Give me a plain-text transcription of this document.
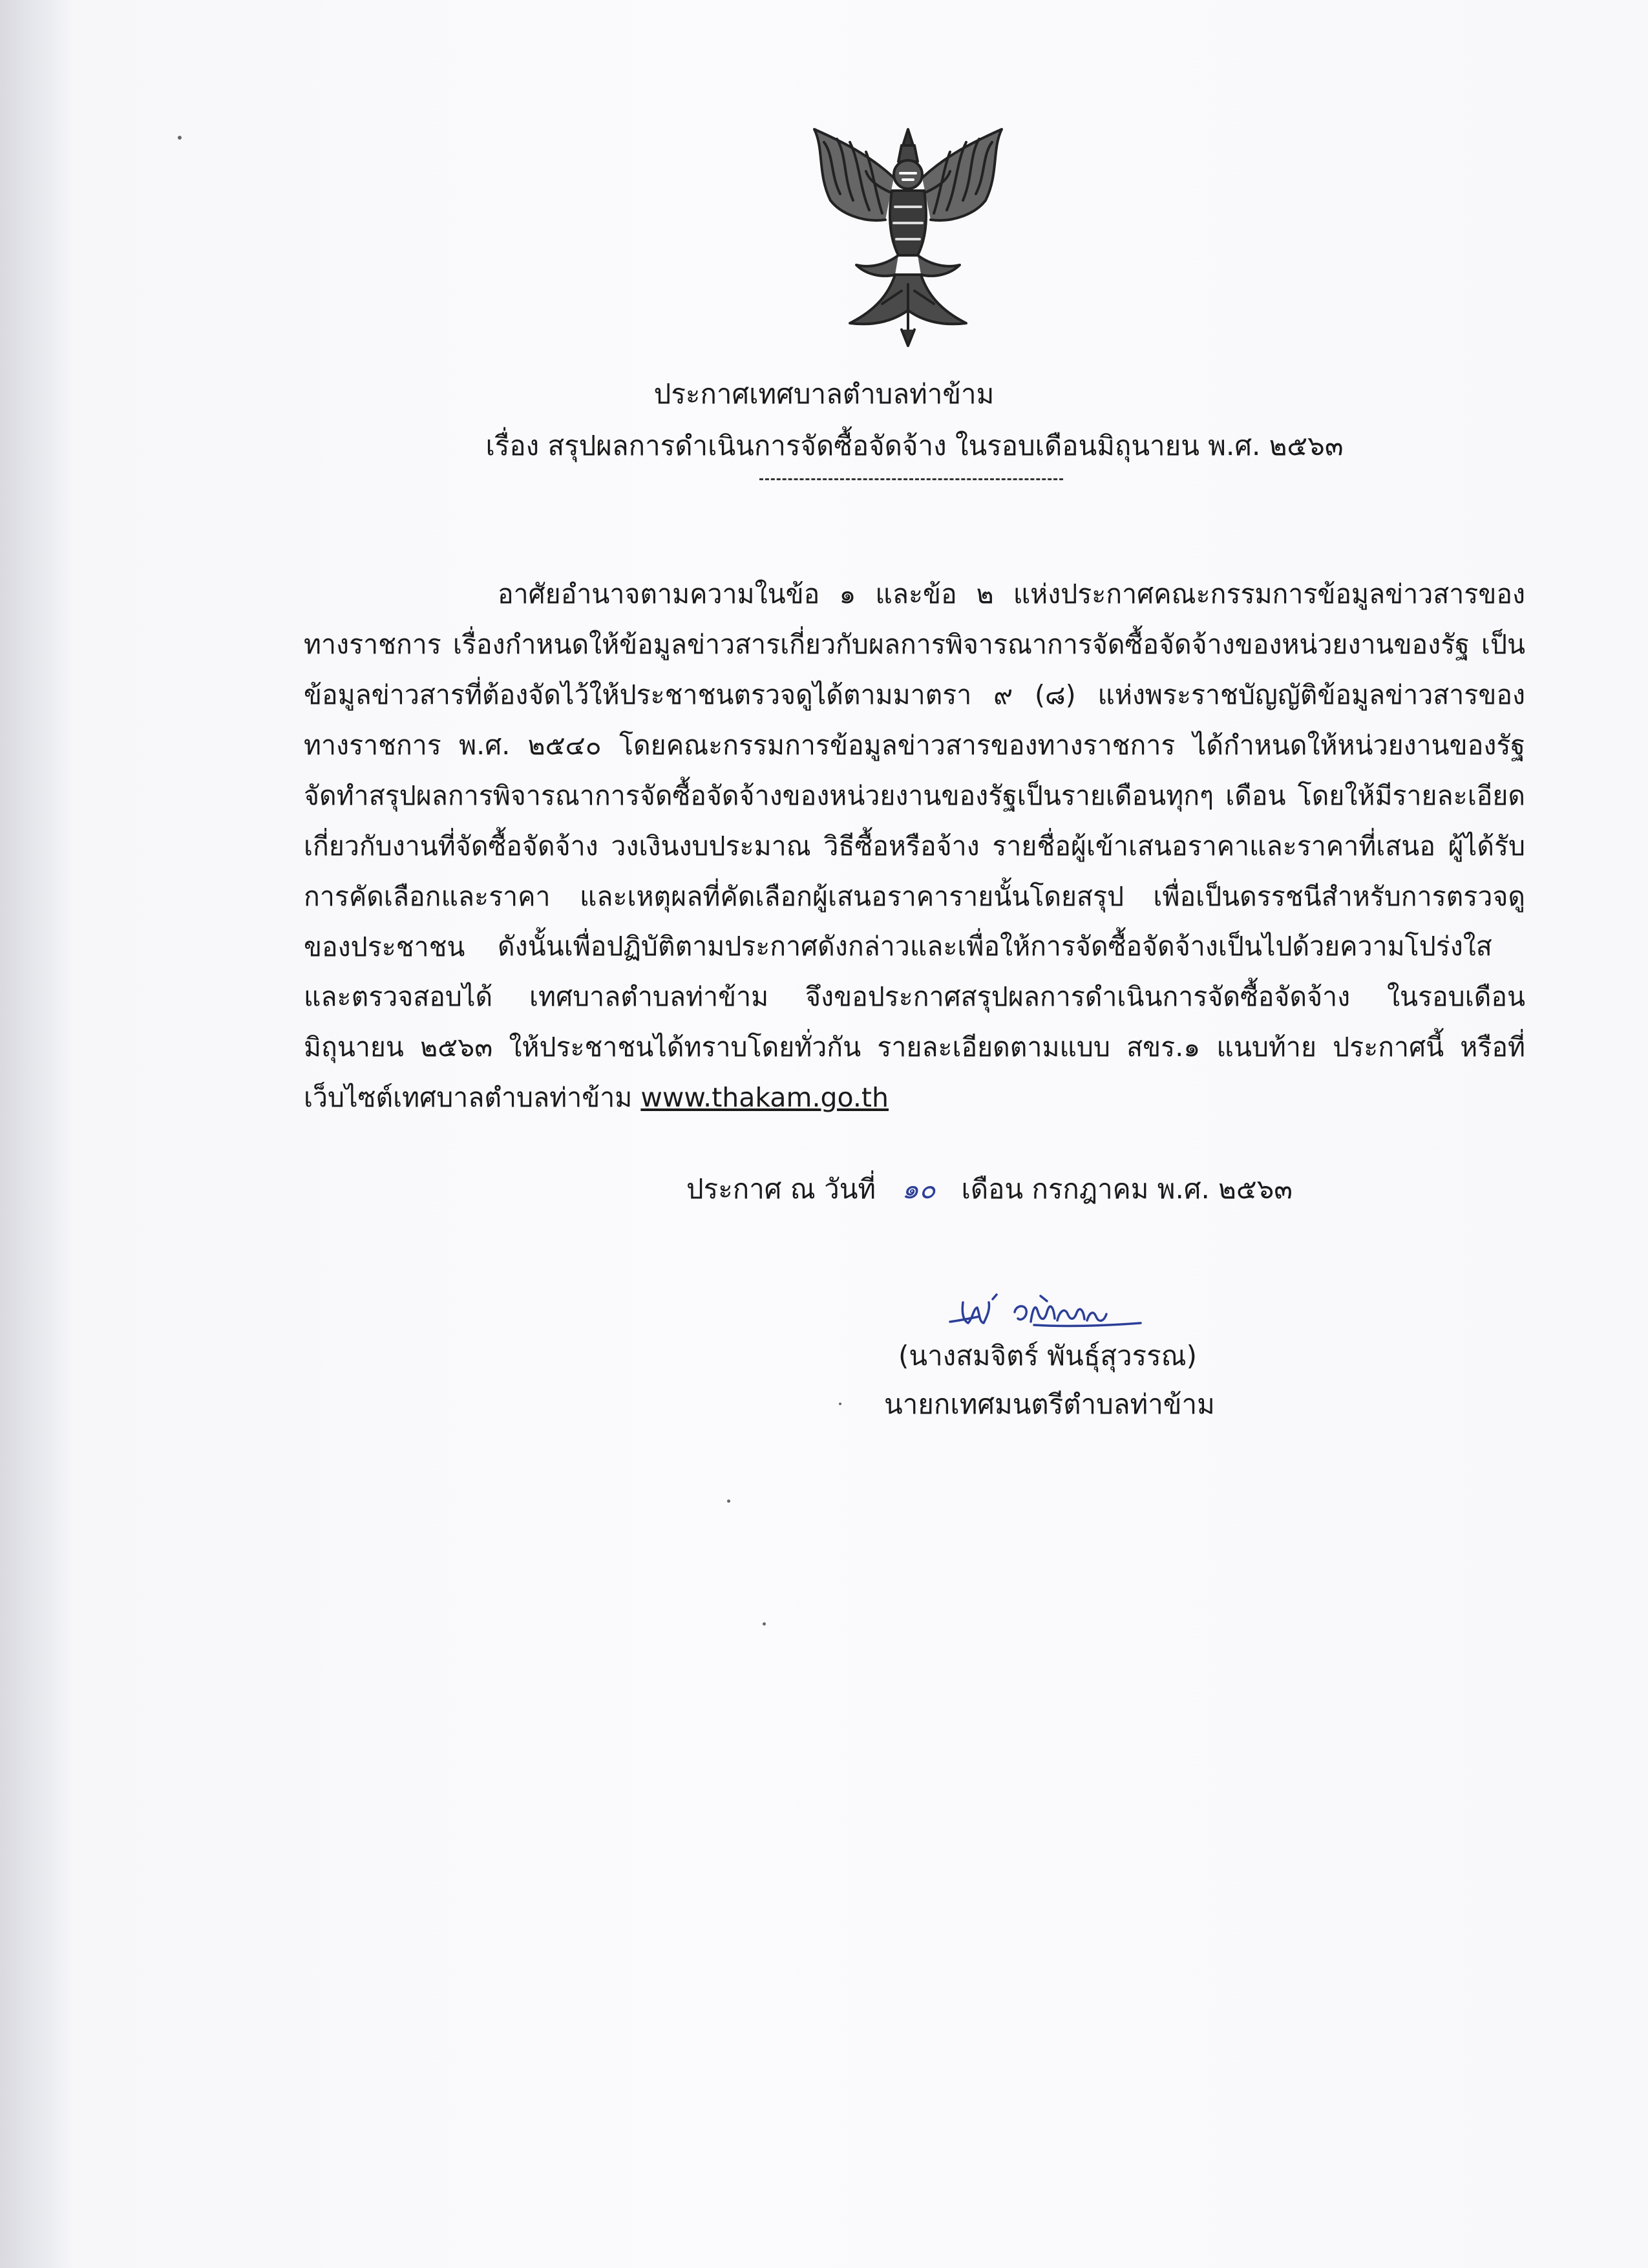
ประกาศเทศบาลตำบลท่าข้าม
เรื่อง สรุปผลการดำเนินการจัดซื้อจัดจ้าง ในรอบเดือนมิถุนายน พ.ศ. ๒๕๖๓

อาศัยอำนาจตามความในข้อ ๑ และข้อ ๒ แห่งประกาศคณะกรรมการข้อมูลข่าวสารของทางราชการ เรื่องกำหนดให้ข้อมูลข่าวสารเกี่ยวกับผลการพิจารณาการจัดซื้อจัดจ้างของหน่วยงานของรัฐ เป็นข้อมูลข่าวสารที่ต้องจัดไว้ให้ประชาชนตรวจดูได้ตามมาตรา ๙ (๘) แห่งพระราชบัญญัติข้อมูลข่าวสารของทางราชการ พ.ศ. ๒๕๔๐ โดยคณะกรรมการข้อมูลข่าวสารของทางราชการ ได้กำหนดให้หน่วยงานของรัฐ จัดทำสรุปผลการพิจารณาการจัดซื้อจัดจ้างของหน่วยงานของรัฐเป็นรายเดือนทุกๆ เดือน โดยให้มีรายละเอียด เกี่ยวกับงานที่จัดซื้อจัดจ้าง วงเงินงบประมาณ วิธีซื้อหรือจ้าง รายชื่อผู้เข้าเสนอราคาและราคาที่เสนอ ผู้ได้รับการคัดเลือกและราคา และเหตุผลที่คัดเลือกผู้เสนอราคารายนั้นโดยสรุป เพื่อเป็นดรรชนีสำหรับการตรวจดูของประชาชน	ดังนั้นเพื่อปฏิบัติตามประกาศดังกล่าวและเพื่อให้การจัดซื้อจัดจ้างเป็นไปด้วยความโปร่งใสและตรวจสอบได้ เทศบาลตำบลท่าข้าม จึงขอประกาศสรุปผลการดำเนินการจัดซื้อจัดจ้าง ในรอบเดือนมิถุนายน ๒๕๖๓ ให้ประชาชนได้ทราบโดยทั่วกัน รายละเอียดตามแบบ สขร.๑ แนบท้าย ประกาศนี้ หรือที่เว็บไซต์เทศบาลตำบลท่าข้าม www.thakam.go.th

ประกาศ ณ วันที่ ๑๐ เดือน กรกฎาคม พ.ศ. ๒๕๖๓
(นางสมจิตร์ พันธุ์สุวรรณ)
นายกเทศมนตรีตำบลท่าข้าม
